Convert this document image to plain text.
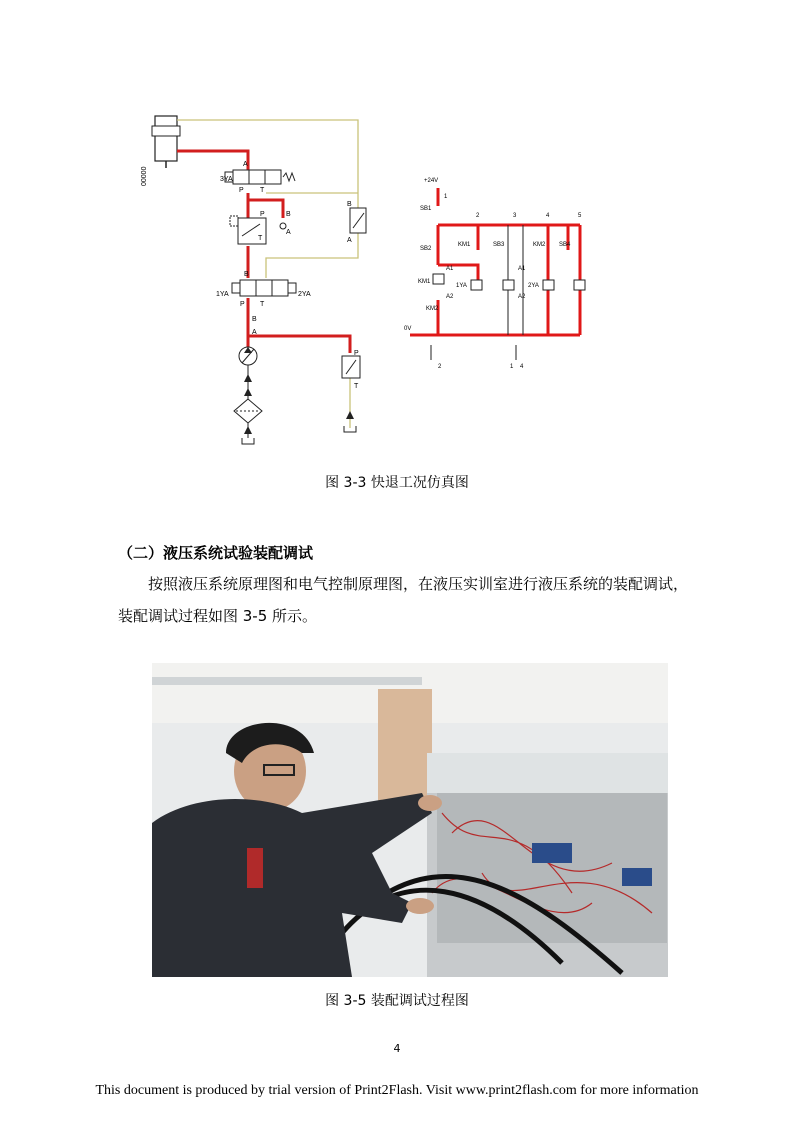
00000
A
3YA
P T
P	B
A
T
B
A
B
1YA	2YA
P T
B
A
P
T
+24V
0V
1
2	3	4	5
SB1
SB2
SB3	SB4
KM1	KM2
KM1
1YA	2YA
KM2
A1
A2
A1
A2
2	1 4
图 3-3 快退工况仿真图
（二）液压系统试验装配调试
按照液压系统原理图和电气控制原理图，在液压实训室进行液压系统的装配调试，装配调试过程如图 3-5 所示。
图 3-5 装配调试过程图
4
This document is produced by trial version of Print2Flash. Visit www.print2flash.com for more information
